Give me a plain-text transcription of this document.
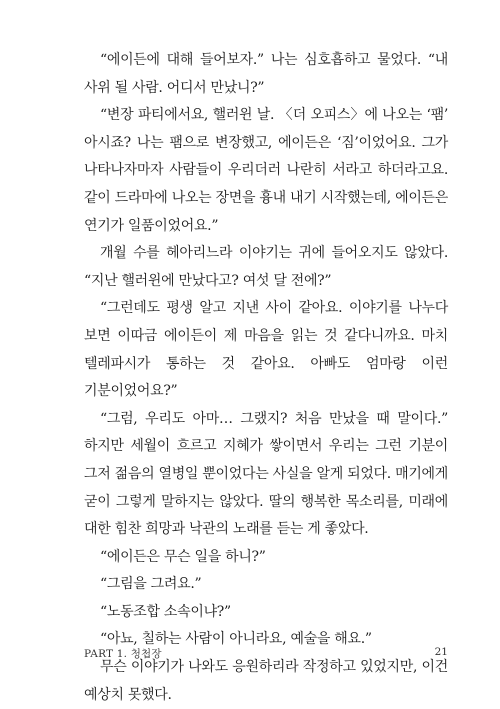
“에이든에 대해 들어보자.” 나는 심호흡하고 물었다. “내 사위 될 사람. 어디서 만났니?”

“변장 파티에서요, 핼러윈 날. 〈더 오피스〉에 나오는 ‘팸’ 아시죠? 나는 팸으로 변장했고, 에이든은 ‘짐’이었어요. 그가 나타나자마자 사람들이 우리더러 나란히 서라고 하더라고요. 같이 드라마에 나오는 장면을 흉내 내기 시작했는데, 에이든은 연기가 일품이었어요.”

개월 수를 헤아리느라 이야기는 귀에 들어오지도 않았다. “지난 핼러윈에 만났다고? 여섯 달 전에?”

“그런데도 평생 알고 지낸 사이 같아요. 이야기를 나누다 보면 이따금 에이든이 제 마음을 읽는 것 같다니까요. 마치 텔레파시가 통하는 것 같아요. 아빠도 엄마랑 이런 기분이었어요?”

“그럼, 우리도 아마… 그랬지? 처음 만났을 때 말이다.” 하지만 세월이 흐르고 지혜가 쌓이면서 우리는 그런 기분이 그저 젊음의 열병일 뿐이었다는 사실을 알게 되었다. 매기에게 굳이 그렇게 말하지는 않았다. 딸의 행복한 목소리를, 미래에 대한 힘찬 희망과 낙관의 노래를 듣는 게 좋았다.

“에이든은 무슨 일을 하니?”

“그림을 그려요.”

“노동조합 소속이냐?”

“아뇨, 칠하는 사람이 아니라요, 예술을 해요.”

무슨 이야기가 나와도 응원하리라 작정하고 있었지만, 이건 예상치 못했다.

PART 1. 청첩장	21
